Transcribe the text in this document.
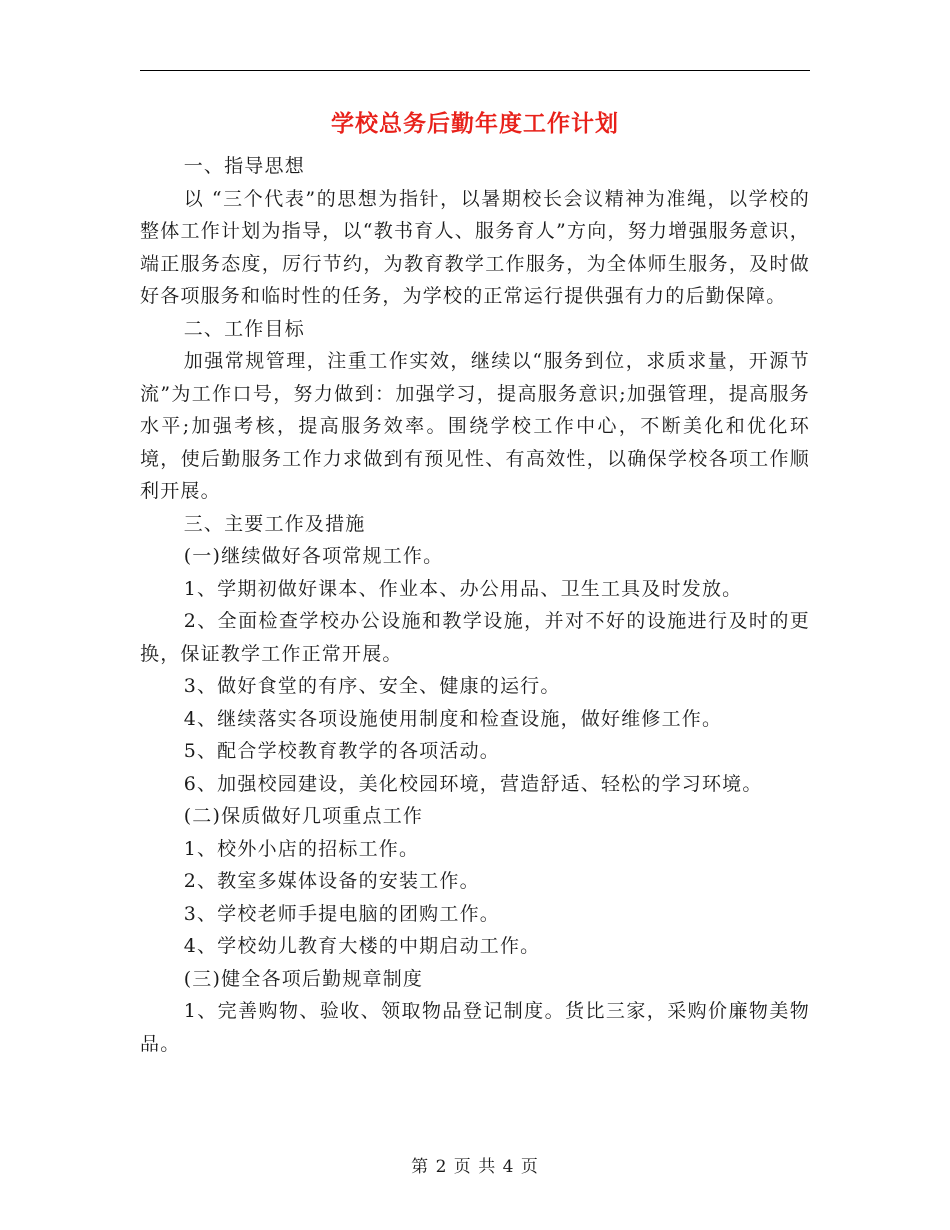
学校总务后勤年度工作计划

一、指导思想

以 “三个代表”的思想为指针，以暑期校长会议精神为准绳，以学校的整体工作计划为指导，以“教书育人、服务育人”方向，努力增强服务意识，端正服务态度，厉行节约，为教育教学工作服务，为全体师生服务，及时做好各项服务和临时性的任务，为学校的正常运行提供强有力的后勤保障。

二、工作目标

加强常规管理，注重工作实效，继续以“服务到位，求质求量，开源节流”为工作口号，努力做到：加强学习，提高服务意识;加强管理，提高服务水平;加强考核，提高服务效率。围绕学校工作中心，不断美化和优化环境，使后勤服务工作力求做到有预见性、有高效性，以确保学校各项工作顺利开展。

三、主要工作及措施

(一)继续做好各项常规工作。

1、学期初做好课本、作业本、办公用品、卫生工具及时发放。

2、全面检查学校办公设施和教学设施，并对不好的设施进行及时的更换，保证教学工作正常开展。

3、做好食堂的有序、安全、健康的运行。

4、继续落实各项设施使用制度和检查设施，做好维修工作。

5、配合学校教育教学的各项活动。

6、加强校园建设，美化校园环境，营造舒适、轻松的学习环境。

(二)保质做好几项重点工作

1、校外小店的招标工作。

2、教室多媒体设备的安装工作。

3、学校老师手提电脑的团购工作。

4、学校幼儿教育大楼的中期启动工作。

(三)健全各项后勤规章制度

1、完善购物、验收、领取物品登记制度。货比三家，采购价廉物美物品。

第 2 页 共 4 页
